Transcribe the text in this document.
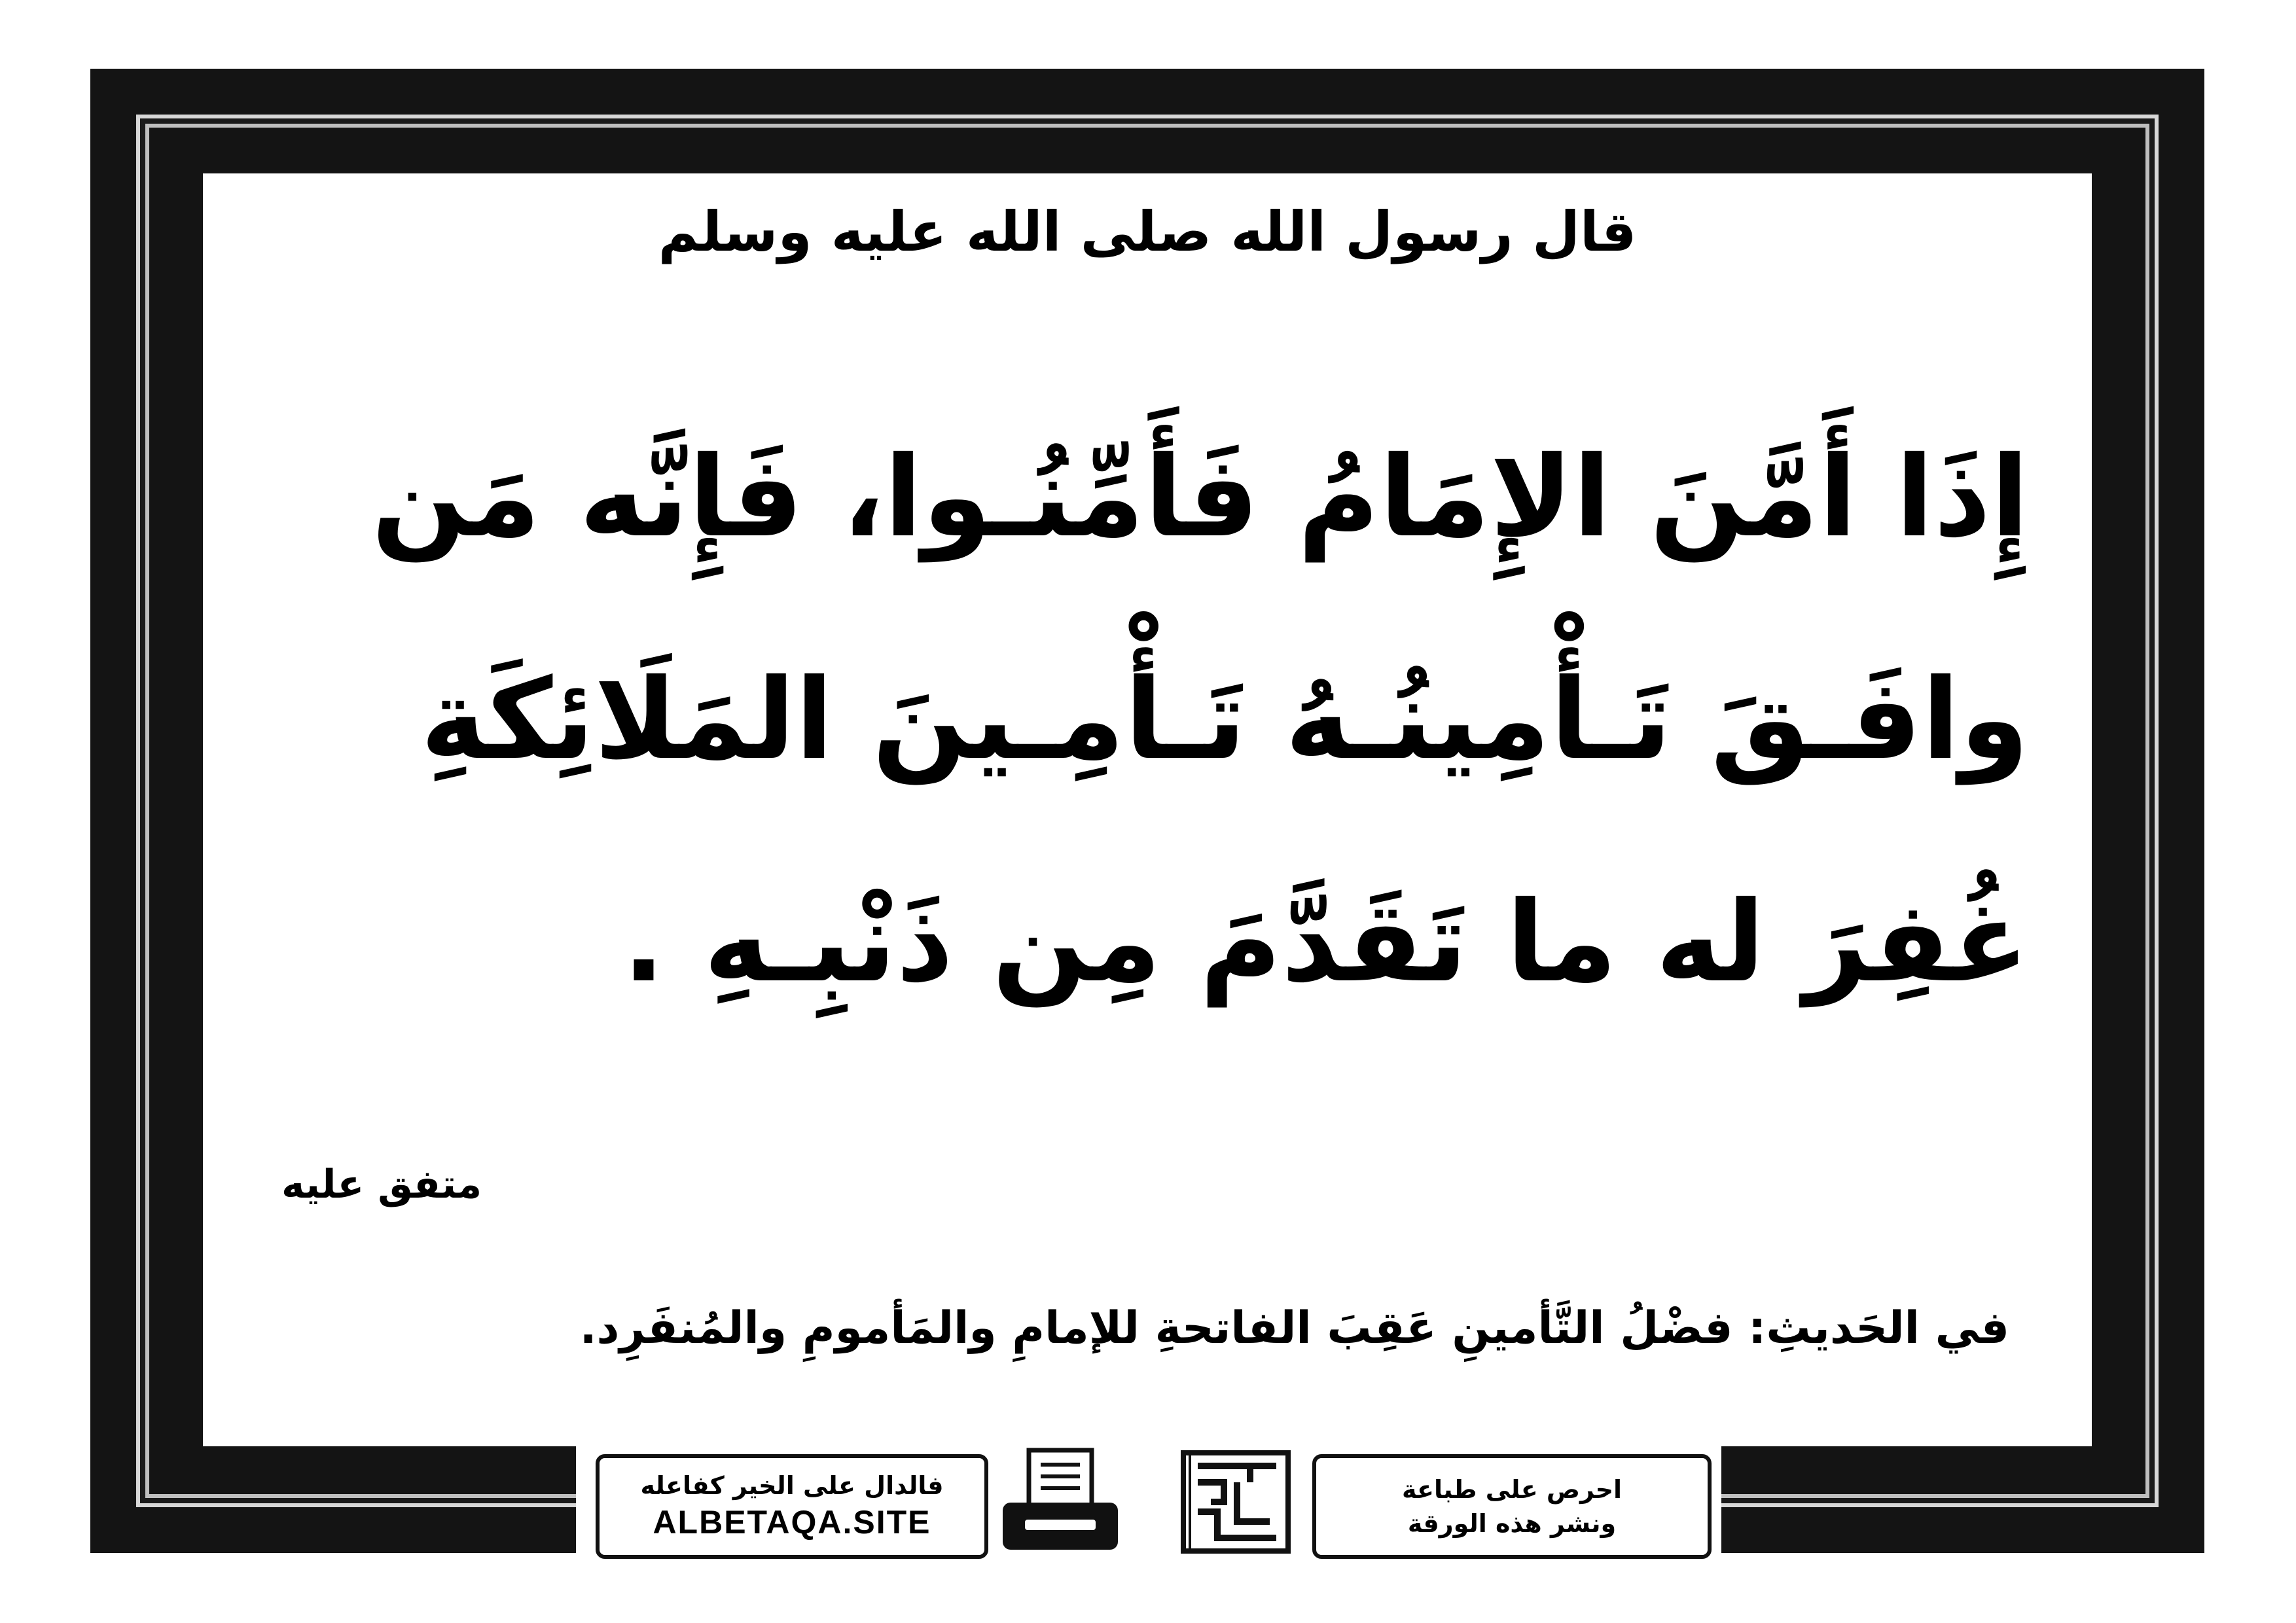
قال رسول الله صلى الله عليه وسلم
إِذَا أَمَّنَ الإِمَامُ فَأَمِّنُـوا، فَإِنَّه مَن
وافَـقَ تَـأْمِينُـهُ تَـأْمِـينَ المَلَائِكَةِ
غُفِرَ له ما تَقَدَّمَ مِن ذَنْبِـهِ .
متفق عليه
في الحَديثِ: فضْلُ التَّأمينِ عَقِبَ الفاتحةِ للإمامِ والمَأمومِ والمُنفَرِد.
فالدال على الخير كفاعله
ALBETAQA.SITE
احرص على طباعة
ونشر هذه الورقة
